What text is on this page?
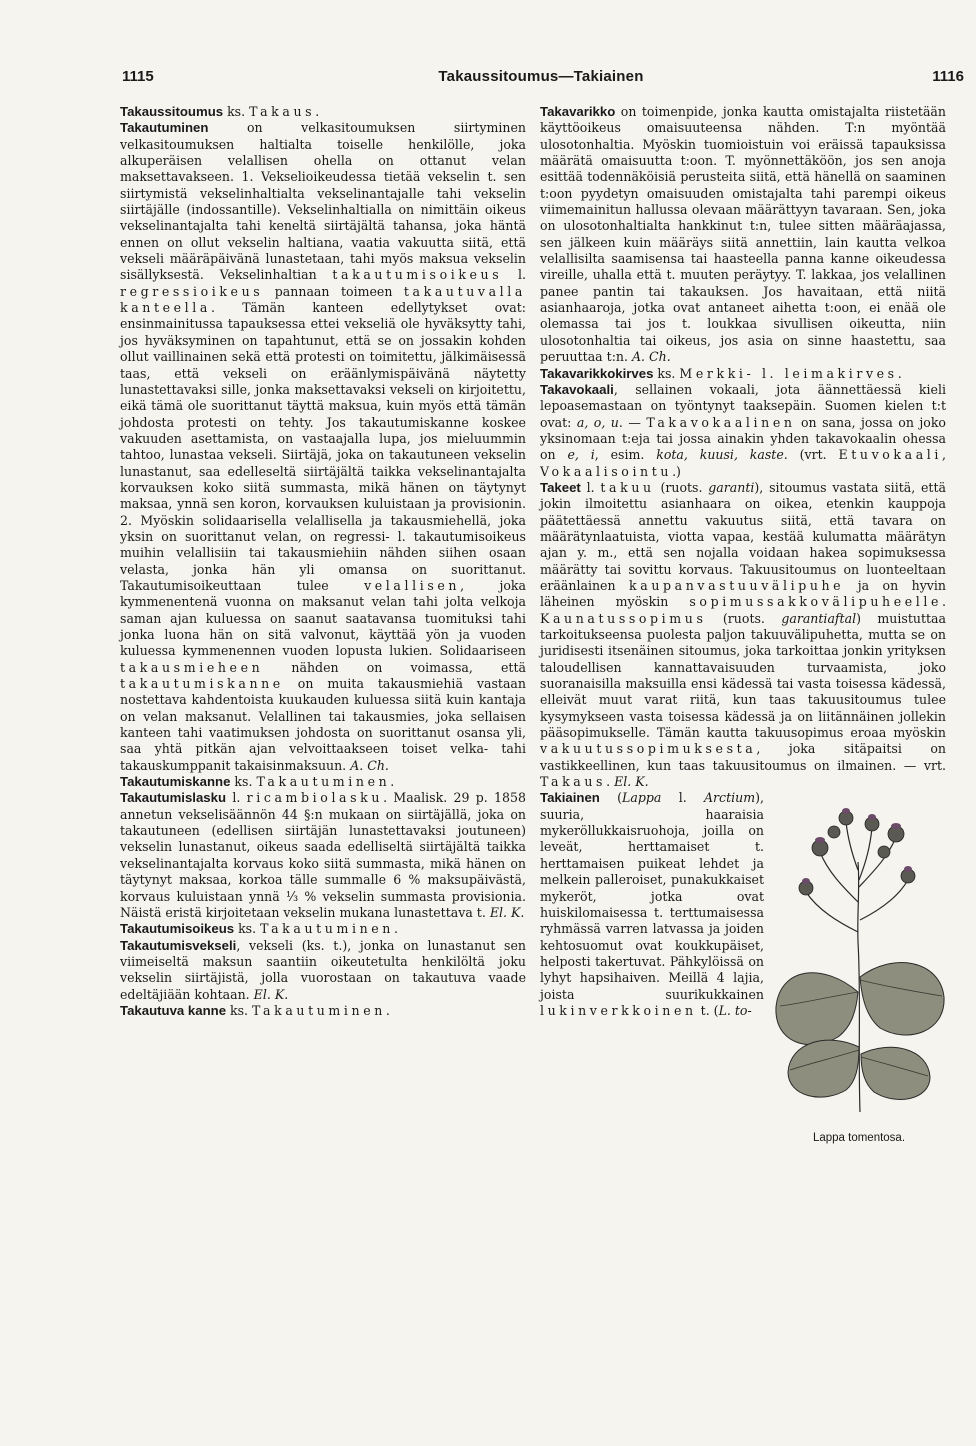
1115	Takaussitoumus—Takiainen	1116

Takaussitoumus ks. Takaus.

Takautuminen on velkasitoumuksen siirtyminen velkasitoumuksen haltialta toiselle henkilölle, joka alkuperäisen velallisen ohella on ottanut velan maksettavakseen. 1. Vekselioikeudessa tietää vekselin t. sen siirtymistä vekselinhaltialta vekselinantajalle tahi vekselin siirtäjälle (indossantille). Vekselinhaltialla on nimittäin oikeus vekselinantajalta tahi keneltä siirtäjältä tahansa, joka häntä ennen on ollut vekselin haltiana, vaatia vakuutta siitä, että vekseli määräpäivänä lunastetaan, tahi myös maksua vekselin sisällyksestä. Vekselinhaltian takautumisoikeus l. regressioikeus pannaan toimeen takautuvalla kanteella. Tämän kanteen edellytykset ovat: ensinmainitussa tapauksessa ettei vekseliä ole hyväksytty tahi, jos hyväksyminen on tapahtunut, että se on jossakin kohden ollut vaillinainen sekä että protesti on toimitettu, jälkimäisessä taas, että vekseli on eräänlymispäivänä näytetty lunastettavaksi sille, jonka maksettavaksi vekseli on kirjoitettu, eikä tämä ole suorittanut täyttä maksua, kuin myös että tämän johdosta protesti on tehty. Jos takautumiskanne koskee vakuuden asettamista, on vastaajalla lupa, jos mieluummin tahtoo, lunastaa vekseli. Siirtäjä, joka on takautuneen vekselin lunastanut, saa edelleseltä siirtäjältä taikka vekselinantajalta korvauksen koko siitä summasta, mikä hänen on täytynyt maksaa, ynnä sen koron, korvauksen kuluistaan ja provisionin. 2. Myöskin solidaarisella velallisella ja takausmiehellä, joka yksin on suorittanut velan, on regressi- l. takautumisoikeus muihin velallisiin tai takausmiehiin nähden siihen osaan velasta, jonka hän yli omansa on suorittanut. Takautumisoikeuttaan tulee velallisen, joka kymmenentenä vuonna on maksanut velan tahi jolta velkoja saman ajan kuluessa on saanut saatavansa tuomituksi tahi jonka luona hän on sitä valvonut, käyttää yön ja vuoden kuluessa kymmenennen vuoden lopusta lukien. Solidaariseen takausmieheen nähden on voimassa, että takautumiskanne on muita takausmiehiä vastaan nostettava kahdentoista kuukauden kuluessa siitä kuin kantaja on velan maksanut. Velallinen tai takausmies, joka sellaisen kanteen tahi vaatimuksen johdosta on suorittanut osansa yli, saa yhtä pitkän ajan velvoittaakseen toiset velka- tahi takauskumppanit takaisinmaksuun. A. Ch.

Takautumiskanne ks. Takautuminen.

Takautumislasku l. ricambiolasku. Maalisk. 29 p. 1858 annetun vekselisäännön 44 §:n mukaan on siirtäjällä, joka on takautuneen (edellisen siirtäjän lunastettavaksi joutuneen) vekselin lunastanut, oikeus saada edelliseltä siirtäjältä taikka vekselinantajalta korvaus koko siitä summasta, mikä hänen on täytynyt maksaa, korkoa tälle summalle 6 % maksupäivästä, korvaus kuluistaan ynnä ⅓ % vekselin summasta provisionia. Näistä eristä kirjoitetaan vekselin mukana lunastettava t. El. K.

Takautumisoikeus ks. Takautuminen.

Takautumisvekseli, vekseli (ks. t.), jonka on lunastanut sen viimeiseltä maksun saantiin oikeutetulta henkilöltä joku vekselin siirtäjistä, jolla vuorostaan on takautuva vaade edeltäjiään kohtaan. El. K.

Takautuva kanne ks. Takautuminen.

Takavarikko on toimenpide, jonka kautta omistajalta riistetään käyttöoikeus omaisuuteensa nähden. T:n myöntää ulosotonhaltia. Myöskin tuomioistuin voi eräissä tapauksissa määrätä omaisuutta t:oon. T. myönnettäköön, jos sen anoja esittää todennäköisiä perusteita siitä, että hänellä on saaminen t:oon pyydetyn omaisuuden omistajalta tahi parempi oikeus viimemainitun hallussa olevaan määrättyyn tavaraan. Sen, joka on ulosotonhaltialta hankkinut t:n, tulee sitten määräajassa, sen jälkeen kuin määräys siitä annettiin, lain kautta velkoa velallisilta saamisensa tai haasteella panna kanne oikeudessa vireille, uhalla että t. muuten peräytyy. T. lakkaa, jos velallinen panee pantin tai takauksen. Jos havaitaan, että niitä asianhaaroja, jotka ovat antaneet aihetta t:oon, ei enää ole olemassa tai jos t. loukkaa sivullisen oikeutta, niin ulosotonhaltia tai oikeus, jos asia on sinne haastettu, saa peruuttaa t:n. A. Ch.

Takavarikkokirves ks. Merkki- l. leimakirves.

Takavokaali, sellainen vokaali, jota äännettäessä kieli lepoasemastaan on työntynyt taaksepäin. Suomen kielen t:t ovat: a, o, u. — Takavokaalinen on sana, jossa on joko yksinomaan t:eja tai jossa ainakin yhden takavokaalin ohessa on e, i, esim. kota, kuusi, kaste. (vrt. Etuvokaali, Vokaalisointu.)

Takeet l. takuu (ruots. garanti), sitoumus vastata siitä, että jokin ilmoitettu asianhaara on oikea, etenkin kauppoja päätettäessä annettu vakuutus siitä, että tavara on määrätynlaatuista, viotta vapaa, kestää kulumatta määrätyn ajan y. m., että sen nojalla voidaan hakea sopimuksessa määrätty tai sovittu korvaus. Takuusitoumus on luonteeltaan eräänlainen kaupanvastuuvälipuhe ja on hyvin läheinen myöskin sopimussakkovälipuheelle. Kaunatussopimus (ruots. garantiaftal) muistuttaa tarkoitukseensa puolesta paljon takuuvälipuhetta, mutta se on juridisesti itsenäinen sitoumus, joka tarkoittaa jonkin yrityksen taloudellisen kannattavaisuuden turvaamista, joko suoranaisilla maksuilla ensi kädessä tai vasta toisessa kädessä, elleivät muut varat riitä, kun taas takuusitoumus tulee kysymykseen vasta toisessa kädessä ja on liitännäinen jollekin pääsopimukselle. Tämän kautta takuusopimus eroaa myöskin vakuutussopimuksesta, joka sitäpaitsi on vastikkeellinen, kun taas takuusitoumus on ilmainen. — vrt. Takaus. El. K.

Takiainen (Lappa l. Arctium), suuria, haaraisia mykeröllukkaisruohoja, joilla on leveät, herttamaiset t. herttamaisen puikeat lehdet ja melkein palleroiset, punakukkaiset mykeröt, jotka ovat huiskilomaisessa t. terttumaisessa ryhmässä varren latvassa ja joiden kehtosuomut ovat koukkupäiset, helposti takertuvat. Pähkylöissä on lyhyt hapsihaiven. Meillä 4 lajia, joista suurikukkainen lukinverkkoinen t. (L. to-

Lappa tomentosa.
